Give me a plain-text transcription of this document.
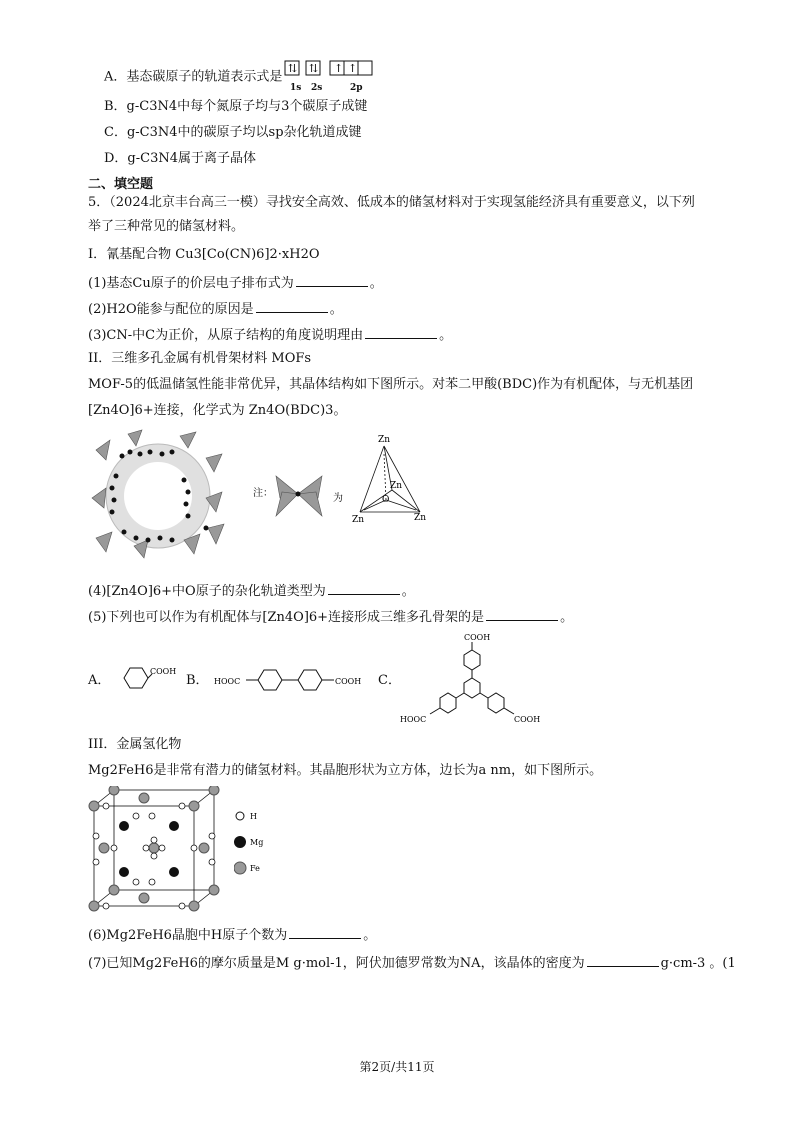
A．基态碳原子的轨道表示式是
⇅ ⇅ ↑ ↑
1s 2s	2p
B．g-C3N4中每个氮原子均与3个碳原子成键
C．g-C3N4中的碳原子均以sp杂化轨道成键
D．g-C3N4属于离子晶体
二、填空题
5．（2024北京丰台高三一模）寻找安全高效、低成本的储氢材料对于实现氢能经济具有重要意义，以下列
举了三种常见的储氢材料。
I．氰基配合物 Cu3[Co(CN)6]2·xH2O
(1)基态Cu原子的价层电子排布式为	。
(2)H2O能参与配位的原因是	。
(3)CN-中C为正价，从原子结构的角度说明理由	。
II．三维多孔金属有机骨架材料 MOFs
MOF-5的低温储氢性能非常优异，其晶体结构如下图所示。对苯二甲酸(BDC)作为有机配体，与无机基团
[Zn4O]6+连接，化学式为 Zn4O(BDC)3。
注：	为
Zn
Zn
O
Zn	Zn
(4)[Zn4O]6+中O原子的杂化轨道类型为	。
(5)下列也可以作为有机配体与[Zn4O]6+连接形成三维多孔骨架的是	。
A．
COOH
B． HOOC	COOH C．
COOH
HOOC	COOH
III．金属氢化物
Mg2FeH6是非常有潜力的储氢材料。其晶胞形状为立方体，边长为a nm，如下图所示。
H
Mg
Fe
(6)Mg2FeH6晶胞中H原子个数为	。
(7)已知Mg2FeH6的摩尔质量是M g·mol-1，阿伏加德罗常数为NA，该晶体的密度为	g·cm-3 。(1
第2页/共11页
